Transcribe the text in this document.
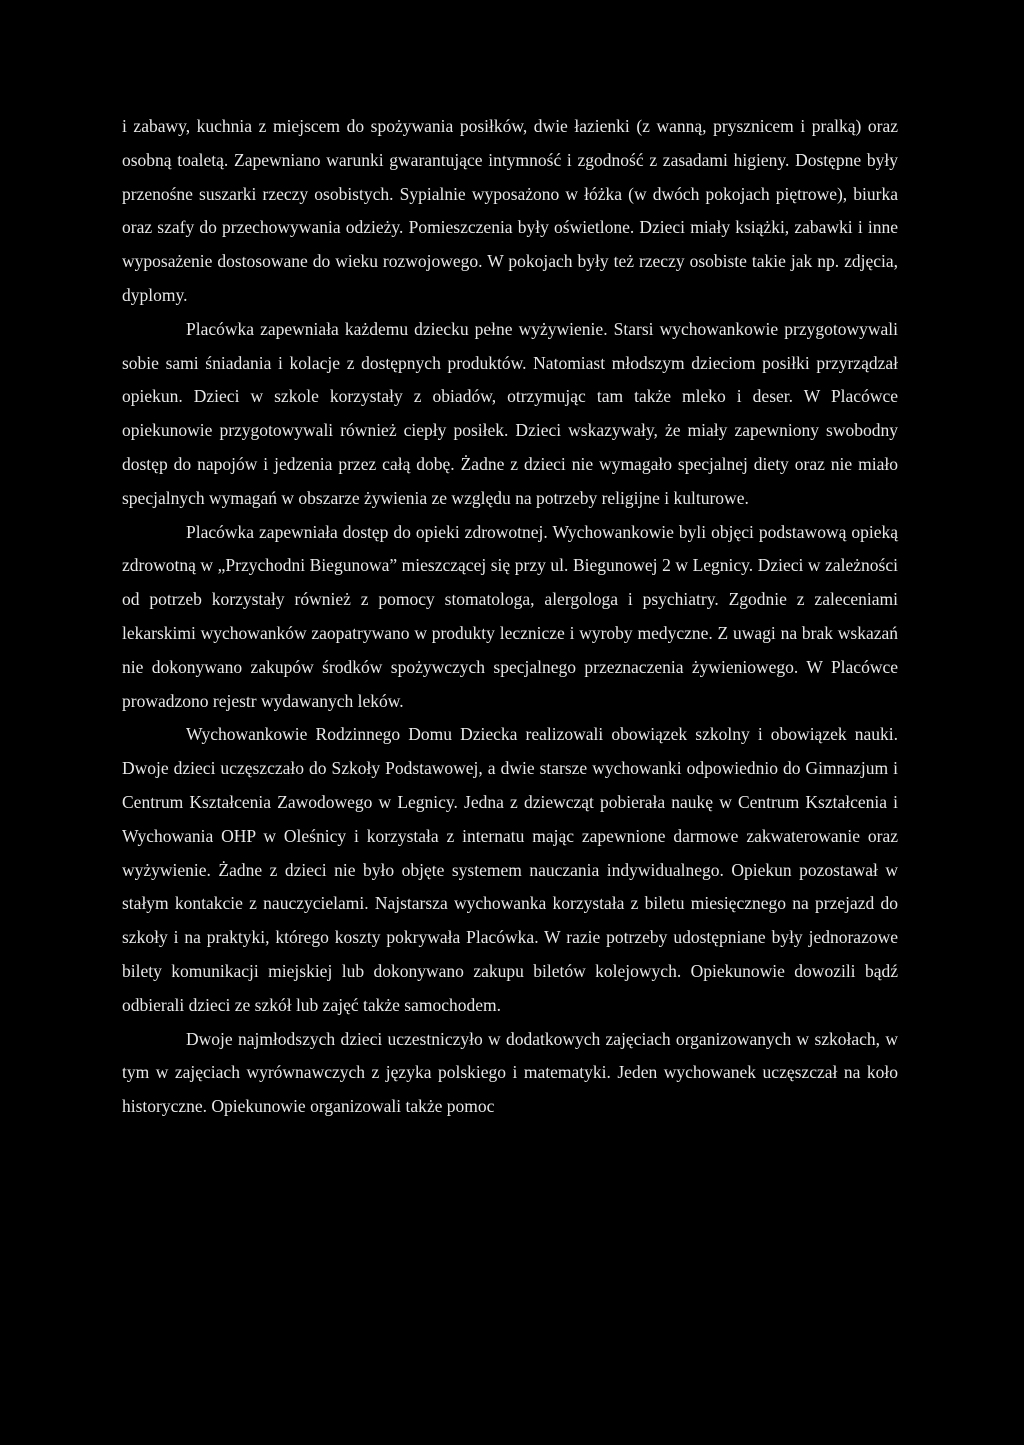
i zabawy, kuchnia z miejscem do spożywania posiłków, dwie łazienki (z wanną, prysznicem i pralką) oraz osobną toaletą. Zapewniano warunki gwarantujące intymność i zgodność z zasadami higieny. Dostępne były przenośne suszarki rzeczy osobistych. Sypialnie wyposażono w łóżka (w dwóch pokojach piętrowe), biurka oraz szafy do przechowywania odzieży. Pomieszczenia były oświetlone. Dzieci miały książki, zabawki i inne wyposażenie dostosowane do wieku rozwojowego. W pokojach były też rzeczy osobiste takie jak np. zdjęcia, dyplomy.

Placówka zapewniała każdemu dziecku pełne wyżywienie. Starsi wychowankowie przygotowywali sobie sami śniadania i kolacje z dostępnych produktów. Natomiast młodszym dzieciom posiłki przyrządzał opiekun. Dzieci w szkole korzystały z obiadów, otrzymując tam także mleko i deser. W Placówce opiekunowie przygotowywali również ciepły posiłek. Dzieci wskazywały, że miały zapewniony swobodny dostęp do napojów i jedzenia przez całą dobę. Żadne z dzieci nie wymagało specjalnej diety oraz nie miało specjalnych wymagań w obszarze żywienia ze względu na potrzeby religijne i kulturowe.

Placówka zapewniała dostęp do opieki zdrowotnej. Wychowankowie byli objęci podstawową opieką zdrowotną w „Przychodni Biegunowa” mieszczącej się przy ul. Biegunowej 2 w Legnicy. Dzieci w zależności od potrzeb korzystały również z pomocy stomatologa, alergologa i psychiatry. Zgodnie z zaleceniami lekarskimi wychowanków zaopatrywano w produkty lecznicze i wyroby medyczne. Z uwagi na brak wskazań nie dokonywano zakupów środków spożywczych specjalnego przeznaczenia żywieniowego. W Placówce prowadzono rejestr wydawanych leków.

Wychowankowie Rodzinnego Domu Dziecka realizowali obowiązek szkolny i obowiązek nauki. Dwoje dzieci uczęszczało do Szkoły Podstawowej, a dwie starsze wychowanki odpowiednio do Gimnazjum i Centrum Kształcenia Zawodowego w Legnicy. Jedna z dziewcząt pobierała naukę w Centrum Kształcenia i Wychowania OHP w Oleśnicy i korzystała z internatu mając zapewnione darmowe zakwaterowanie oraz wyżywienie. Żadne z dzieci nie było objęte systemem nauczania indywidualnego. Opiekun pozostawał w stałym kontakcie z nauczycielami. Najstarsza wychowanka korzystała z biletu miesięcznego na przejazd do szkoły i na praktyki, którego koszty pokrywała Placówka. W razie potrzeby udostępniane były jednorazowe bilety komunikacji miejskiej lub dokonywano zakupu biletów kolejowych. Opiekunowie dowozili bądź odbierali dzieci ze szkół lub zajęć także samochodem.

Dwoje najmłodszych dzieci uczestniczyło w dodatkowych zajęciach organizowanych w szkołach, w tym w zajęciach wyrównawczych z języka polskiego i matematyki. Jeden wychowanek uczęszczał na koło historyczne. Opiekunowie organizowali także pomoc
